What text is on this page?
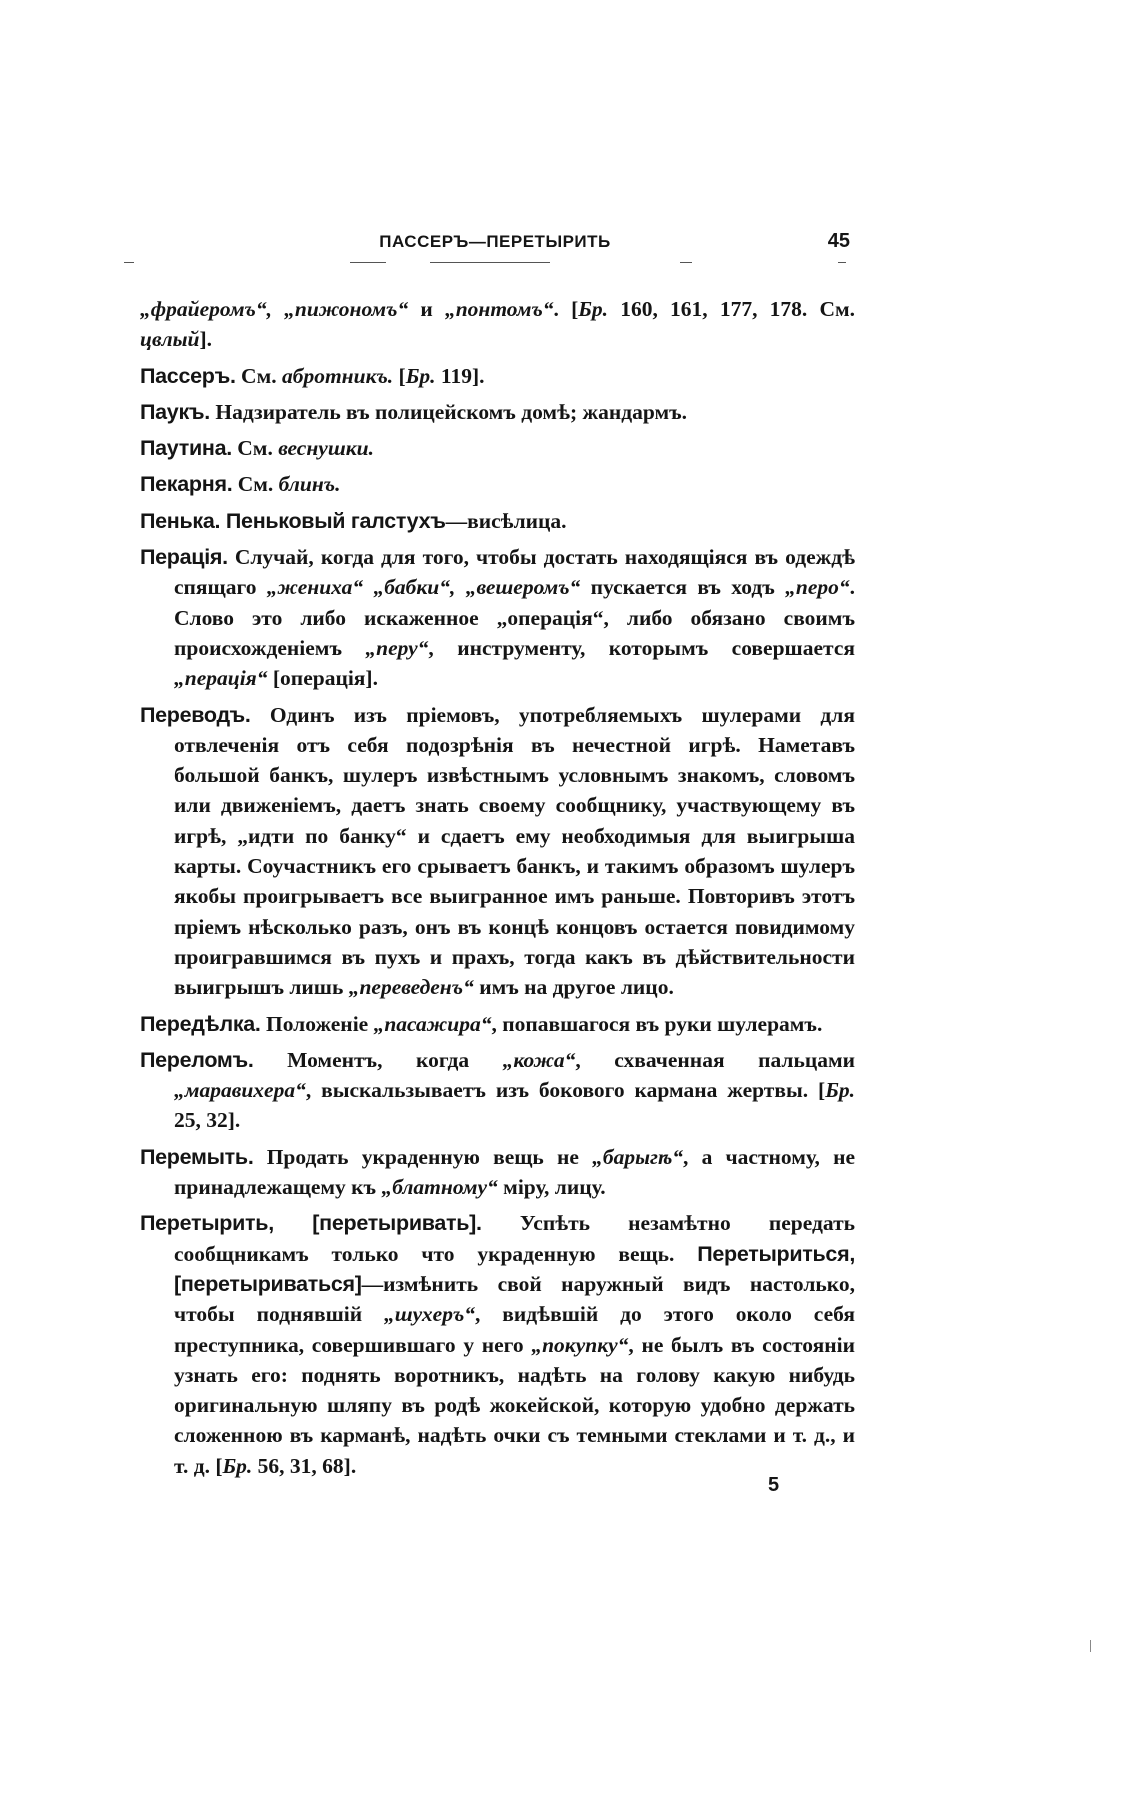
ПАССЕРЪ—ПЕРЕТЫРИТЬ	45

„фрайеромъ“, „пижономъ“ и „понтомъ“. [Бр. 160, 161, 177, 178. См. цвлый].

Пассеръ. См. абротникъ. [Бр. 119].

Паукъ. Надзиратель въ полицейскомъ домѣ; жандармъ.

Паутина. См. веснушки.

Пекарня. См. блинъ.

Пенька. Пеньковый галстухъ—висѣлица.

Перація. Случай, когда для того, чтобы достать находящіяся въ одеждѣ спящаго „жениха“ „бабки“, „вешеромъ“ пускается въ ходъ „перо“. Слово это либо искаженное „операція“, либо обязано своимъ происхожденіемъ „перу“, инструменту, которымъ совершается „перація“ [операція].

Переводъ. Одинъ изъ пріемовъ, употребляемыхъ шулерами для отвлеченія отъ себя подозрѣнія въ нечестной игрѣ. Наметавъ большой банкъ, шулеръ извѣстнымъ условнымъ знакомъ, словомъ или движеніемъ, даетъ знать своему сообщнику, участвующему въ игрѣ, „идти по банку“ и сдаетъ ему необходимыя для выигрыша карты. Соучастникъ его срываетъ банкъ, и такимъ образомъ шулеръ якобы проигрываетъ все выигранное имъ раньше. Повторивъ этотъ пріемъ нѣсколько разъ, онъ въ концѣ концовъ остается повидимому проигравшимся въ пухъ и прахъ, тогда какъ въ дѣйствительности выигрышъ лишь „переведенъ“ имъ на другое лицо.

Передѣлка. Положеніе „пасажира“, попавшагося въ руки шулерамъ.

Переломъ. Моментъ, когда „кожа“, схваченная пальцами „маравихера“, выскальзываетъ изъ бокового кармана жертвы. [Бр. 25, 32].

Перемыть. Продать украденную вещь не „барыгѣ“, а частному, не принадлежащему къ „блатному“ міру, лицу.

Перетырить, [перетыривать]. Успѣть незамѣтно передать сообщникамъ только что украденную вещь. Перетыриться, [перетыриваться]—измѣнить свой наружный видъ настолько, чтобы поднявшій „шухеръ“, видѣвшій до этого около себя преступника, совершившаго у него „покупку“, не былъ въ состояніи узнать его: поднять воротникъ, надѣть на голову какую нибудь оригинальную шляпу въ родѣ жокейской, которую удобно держать сложенною въ карманѣ, надѣть очки съ темными стеклами и т. д., и т. д. [Бр. 56, 31, 68].

5
